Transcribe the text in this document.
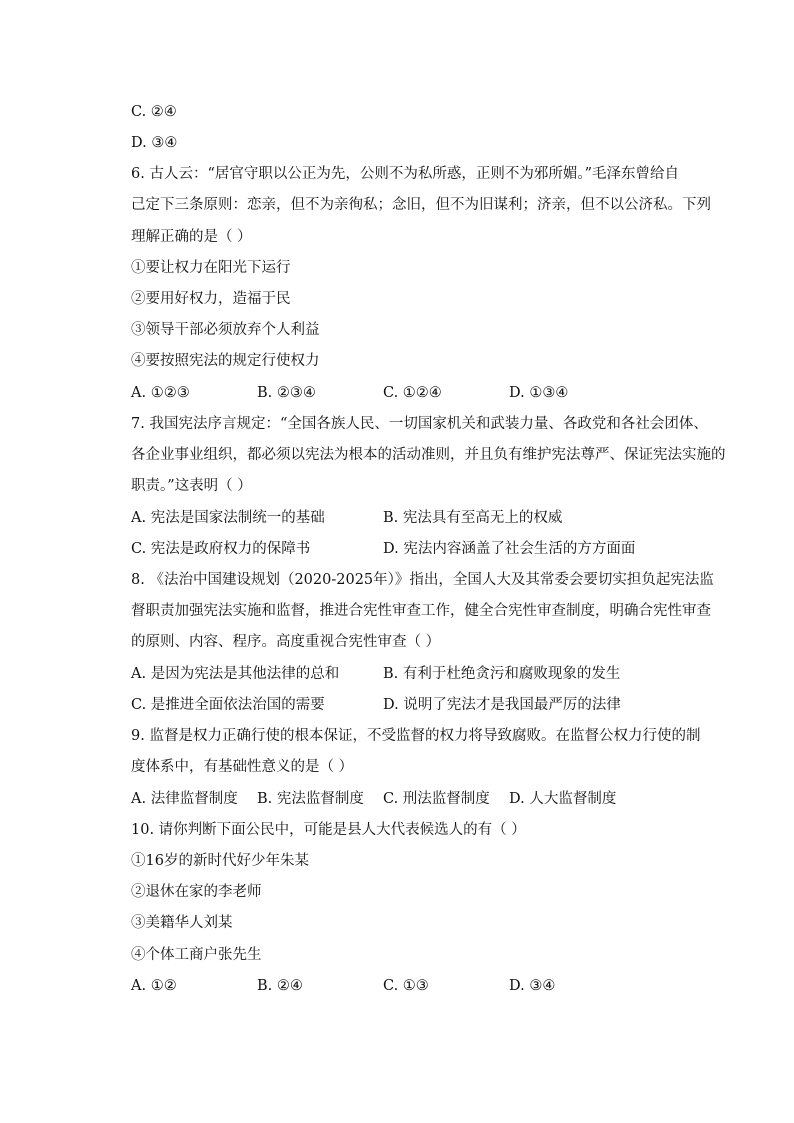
C. ②④
D. ③④
6. 古人云：“居官守职以公正为先，公则不为私所惑，正则不为邪所媚。”毛泽东曾给自
己定下三条原则：恋亲，但不为亲徇私；念旧，但不为旧谋利；济亲，但不以公济私。下列
理解正确的是（ ）
①要让权力在阳光下运行
②要用好权力，造福于民
③领导干部必须放弃个人利益
④要按照宪法的规定行使权力
A. ①②③	B. ②③④	C. ①②④	D. ①③④
7. 我国宪法序言规定：“全国各族人民、一切国家机关和武装力量、各政党和各社会团体、
各企业事业组织，都必须以宪法为根本的活动准则，并且负有维护宪法尊严、保证宪法实施的
职责。”这表明（ ）
A. 宪法是国家法制统一的基础	B. 宪法具有至高无上的权威
C. 宪法是政府权力的保障书	D. 宪法内容涵盖了社会生活的方方面面
8. 《法治中国建设规划（2020-2025年）》指出，全国人大及其常委会要切实担负起宪法监
督职责加强宪法实施和监督，推进合宪性审查工作，健全合宪性审查制度，明确合宪性审查
的原则、内容、程序。高度重视合宪性审查（ ）
A. 是因为宪法是其他法律的总和	B. 有利于杜绝贪污和腐败现象的发生
C. 是推进全面依法治国的需要	D. 说明了宪法才是我国最严厉的法律
9. 监督是权力正确行使的根本保证，不受监督的权力将导致腐败。在监督公权力行使的制
度体系中，有基础性意义的是（ ）
A. 法律监督制度 B. 宪法监督制度 C. 刑法监督制度 D. 人大监督制度
10. 请你判断下面公民中，可能是县人大代表候选人的有（ ）
①16岁的新时代好少年朱某
②退休在家的李老师
③美籍华人刘某
④个体工商户张先生
A. ①②	B. ②④	C. ①③	D. ③④
